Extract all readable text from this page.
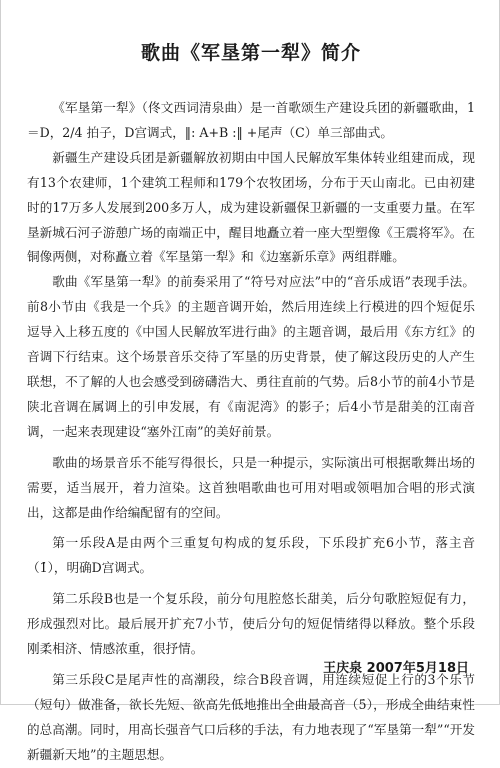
歌曲《军垦第一犁》简介

《军垦第一犁》（佟文西词清泉曲）是一首歌颂生产建设兵团的新疆歌曲，1＝D，2/4 拍子，D宫调式，‖: A+B :‖ +尾声（C）单三部曲式。

新疆生产建设兵团是新疆解放初期由中国人民解放军集体转业组建而成，现有13个农建师，1个建筑工程师和179个农牧团场，分布于天山南北。已由初建时的17万多人发展到200多万人，成为建设新疆保卫新疆的一支重要力量。在军垦新城石河子游憩广场的南端正中，醒目地矗立着一座大型塑像《王震将军》。在铜像两侧，对称矗立着《军垦第一犁》和《边塞新乐章》两组群雕。

歌曲《军垦第一犁》的前奏采用了“符号对应法”中的“音乐成语”表现手法。前8小节由《我是一个兵》的主题音调开始，然后用连续上行模进的四个短促乐逗导入上移五度的《中国人民解放军进行曲》的主题音调，最后用《东方红》的音调下行结束。这个场景音乐交待了军垦的历史背景，使了解这段历史的人产生联想，不了解的人也会感受到磅礴浩大、勇往直前的气势。后8小节的前4小节是陕北音调在属调上的引申发展，有《南泥湾》的影子；后4小节是甜美的江南音调，一起来表现建设“塞外江南”的美好前景。

歌曲的场景音乐不能写得很长，只是一种提示，实际演出可根据歌舞出场的需要，适当展开，着力渲染。这首独唱歌曲也可用对唱或领唱加合唱的形式演出，这都是曲作给编配留有的空间。

第一乐段A是由两个三重复句构成的复乐段，下乐段扩充6小节，落主音（1̇），明确D宫调式。

第二乐段B也是一个复乐段，前分句甩腔悠长甜美，后分句歌腔短促有力，形成强烈对比。最后展开扩充7小节，使后分句的短促情绪得以释放。整个乐段刚柔相济、情感浓重，很抒情。

第三乐段C是尾声性的高潮段，综合B段音调，用连续短促上行的3个乐节（短句）做准备，欲长先短、欲高先低地推出全曲最高音（5̇），形成全曲结束性的总高潮。同时，用高长强音气口后移的手法，有力地表现了“军垦第一犁”“开发新疆新天地”的主题思想。

王庆泉 2007年5月18日
